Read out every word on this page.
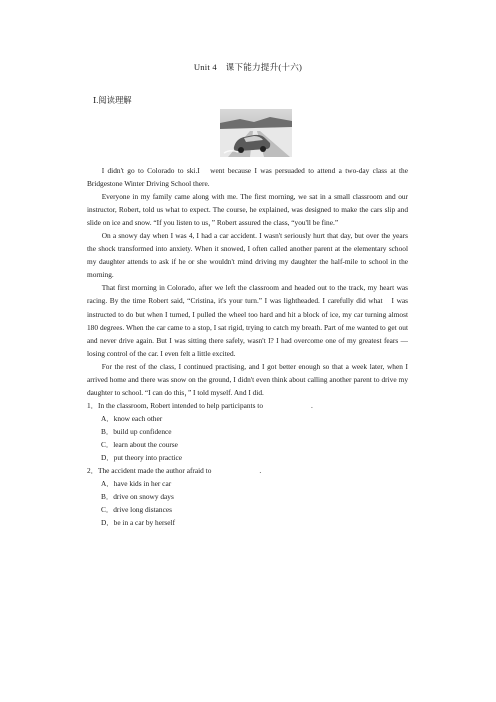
Unit 4　课下能力提升(十六)
Ⅰ.阅读理解

I didn't go to Colorado to ski.I　went because I was persuaded to attend a two-day class at the Bridgestone Winter Driving School there.

Everyone in my family came along with me. The first morning, we sat in a small classroom and our instructor, Robert, told us what to expect. The course, he explained, was designed to make the cars slip and slide on ice and snow. “If you listen to us，” Robert assured the class, “you'll be fine.”

On a snowy day when I was 4, I had a car accident. I wasn't seriously hurt that day, but over the years the shock transformed into anxiety. When it snowed, I often called another parent at the elementary school my daughter attends to ask if he or she wouldn't mind driving my daughter the half-mile to school in the morning.

That first morning in Colorado, after we left the classroom and headed out to the track, my heart was racing. By the time Robert said, “Cristina, it's your turn.” I was lightheaded. I carefully did what　I was instructed to do but when I turned, I pulled the wheel too hard and hit a block of ice, my car turning almost 180 degrees. When the car came to a stop, I sat rigid, trying to catch my breath. Part of me wanted to get out and never drive again. But I was sitting there safely, wasn't I? I had overcome one of my greatest fears — losing control of the car. I even felt a little excited.

For the rest of the class, I continued practising, and I got better enough so that a week later, when I arrived home and there was snow on the ground, I didn't even think about calling another parent to drive my daughter to school. “I can do this，” I told myself. And I did.

1．In the classroom, Robert intended to help participants to	.
A．know each other
B．build up confidence
C．learn about the course
D．put theory into practice
2．The accident made the author afraid to	.
A．have kids in her car
B．drive on snowy days
C．drive long distances
D．be in a car by herself
